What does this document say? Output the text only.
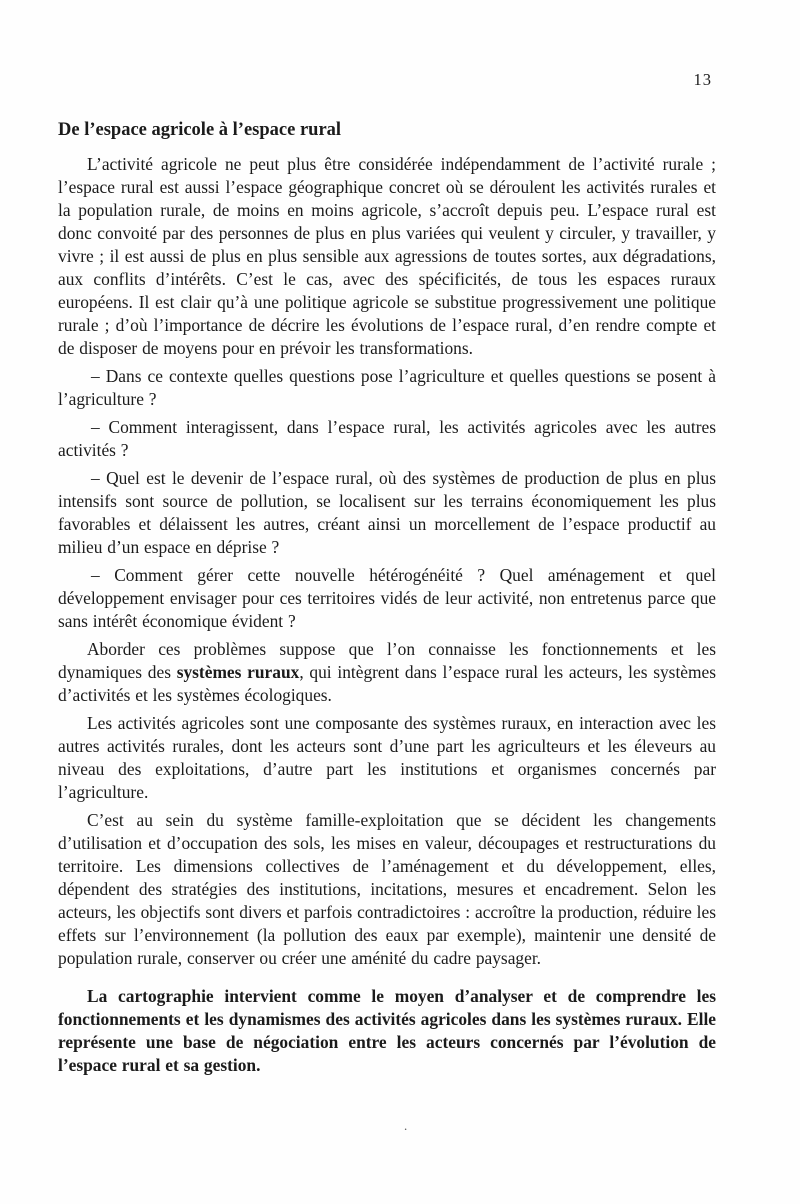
13
De l’espace agricole à l’espace rural

L’activité agricole ne peut plus être considérée indépendamment de l’activité rurale ; l’espace rural est aussi l’espace géographique concret où se déroulent les activités rurales et la population rurale, de moins en moins agricole, s’accroît depuis peu. L’espace rural est donc convoité par des personnes de plus en plus variées qui veulent y circuler, y travailler, y vivre ; il est aussi de plus en plus sensible aux agressions de toutes sortes, aux dégradations, aux conflits d’intérêts. C’est le cas, avec des spécificités, de tous les espaces ruraux européens. Il est clair qu’à une politique agricole se substitue progressivement une politique rurale ; d’où l’importance de décrire les évolutions de l’espace rural, d’en rendre compte et de disposer de moyens pour en prévoir les transformations.

– Dans ce contexte quelles questions pose l’agriculture et quelles questions se posent à l’agriculture ?

– Comment interagissent, dans l’espace rural, les activités agricoles avec les autres activités ?

– Quel est le devenir de l’espace rural, où des systèmes de production de plus en plus intensifs sont source de pollution, se localisent sur les terrains économiquement les plus favorables et délaissent les autres, créant ainsi un morcellement de l’espace productif au milieu d’un espace en déprise ?

– Comment gérer cette nouvelle hétérogénéité ? Quel aménagement et quel développement envisager pour ces territoires vidés de leur activité, non entretenus parce que sans intérêt économique évident ?

Aborder ces problèmes suppose que l’on connaisse les fonctionnements et les dynamiques des systèmes ruraux, qui intègrent dans l’espace rural les acteurs, les systèmes d’activités et les systèmes écologiques.

Les activités agricoles sont une composante des systèmes ruraux, en interaction avec les autres activités rurales, dont les acteurs sont d’une part les agriculteurs et les éleveurs au niveau des exploitations, d’autre part les institutions et organismes concernés par l’agriculture.

C’est au sein du système famille-exploitation que se décident les changements d’utilisation et d’occupation des sols, les mises en valeur, découpages et restructurations du territoire. Les dimensions collectives de l’aménagement et du développement, elles, dépendent des stratégies des institutions, incitations, mesures et encadrement. Selon les acteurs, les objectifs sont divers et parfois contradictoires : accroître la production, réduire les effets sur l’environnement (la pollution des eaux par exemple), maintenir une densité de population rurale, conserver ou créer une aménité du cadre paysager.

La cartographie intervient comme le moyen d’analyser et de comprendre les fonctionnements et les dynamismes des activités agricoles dans les systèmes ruraux. Elle représente une base de négociation entre les acteurs concernés par l’évolution de l’espace rural et sa gestion.

.
